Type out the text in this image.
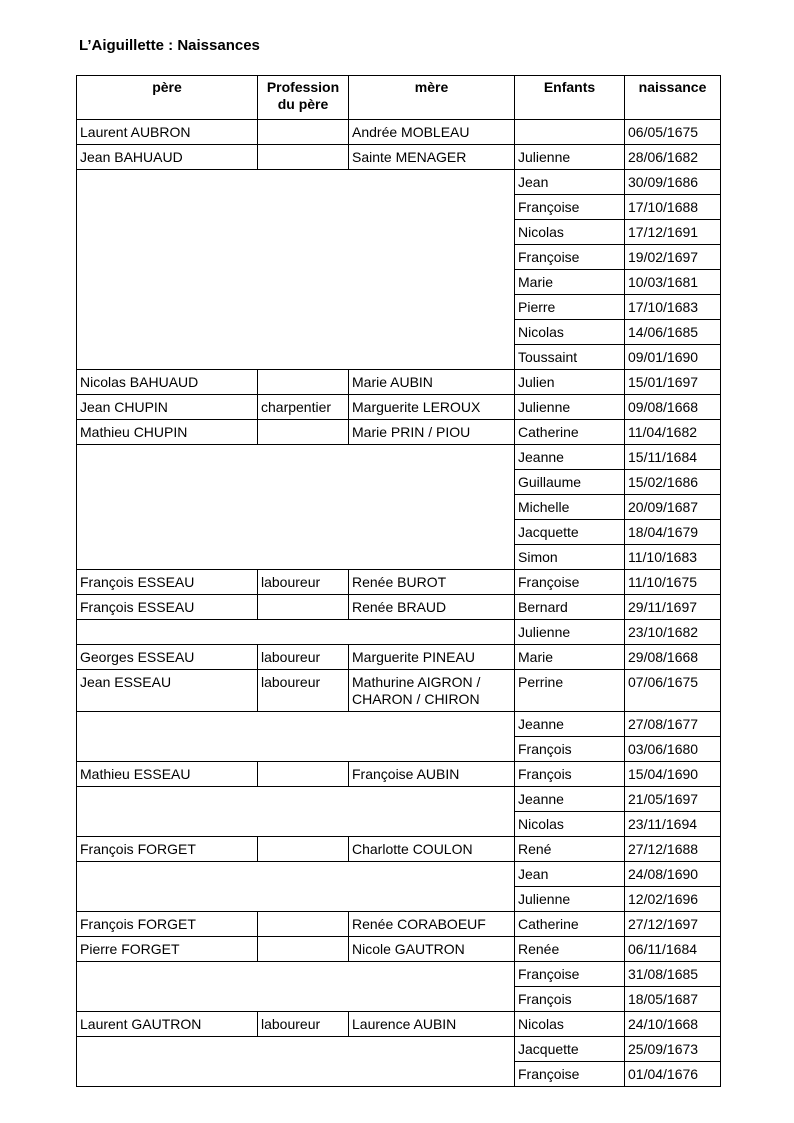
L’Aiguillette : Naissances
père	Profession du père	mère	Enfants	naissance
Laurent AUBRON		Andrée MOBLEAU		06/05/1675
Jean BAHUAUD		Sainte MENAGER	Julienne	28/06/1682
			Jean	30/09/1686
			Françoise	17/10/1688
			Nicolas	17/12/1691
			Françoise	19/02/1697
			Marie	10/03/1681
			Pierre	17/10/1683
			Nicolas	14/06/1685
			Toussaint	09/01/1690
Nicolas BAHUAUD		Marie AUBIN	Julien	15/01/1697
Jean CHUPIN	charpentier	Marguerite LEROUX	Julienne	09/08/1668
Mathieu CHUPIN		Marie PRIN / PIOU	Catherine	11/04/1682
			Jeanne	15/11/1684
			Guillaume	15/02/1686
			Michelle	20/09/1687
			Jacquette	18/04/1679
			Simon	11/10/1683
François ESSEAU	laboureur	Renée BUROT	Françoise	11/10/1675
François ESSEAU		Renée BRAUD	Bernard	29/11/1697
			Julienne	23/10/1682
Georges ESSEAU	laboureur	Marguerite PINEAU	Marie	29/08/1668
Jean ESSEAU	laboureur	Mathurine AIGRON / CHARON / CHIRON	Perrine	07/06/1675
			Jeanne	27/08/1677
			François	03/06/1680
Mathieu ESSEAU		Françoise AUBIN	François	15/04/1690
			Jeanne	21/05/1697
			Nicolas	23/11/1694
François FORGET		Charlotte COULON	René	27/12/1688
			Jean	24/08/1690
			Julienne	12/02/1696
François FORGET		Renée CORABOEUF	Catherine	27/12/1697
Pierre FORGET		Nicole GAUTRON	Renée	06/11/1684
			Françoise	31/08/1685
			François	18/05/1687
Laurent GAUTRON	laboureur	Laurence AUBIN	Nicolas	24/10/1668
			Jacquette	25/09/1673
			Françoise	01/04/1676
